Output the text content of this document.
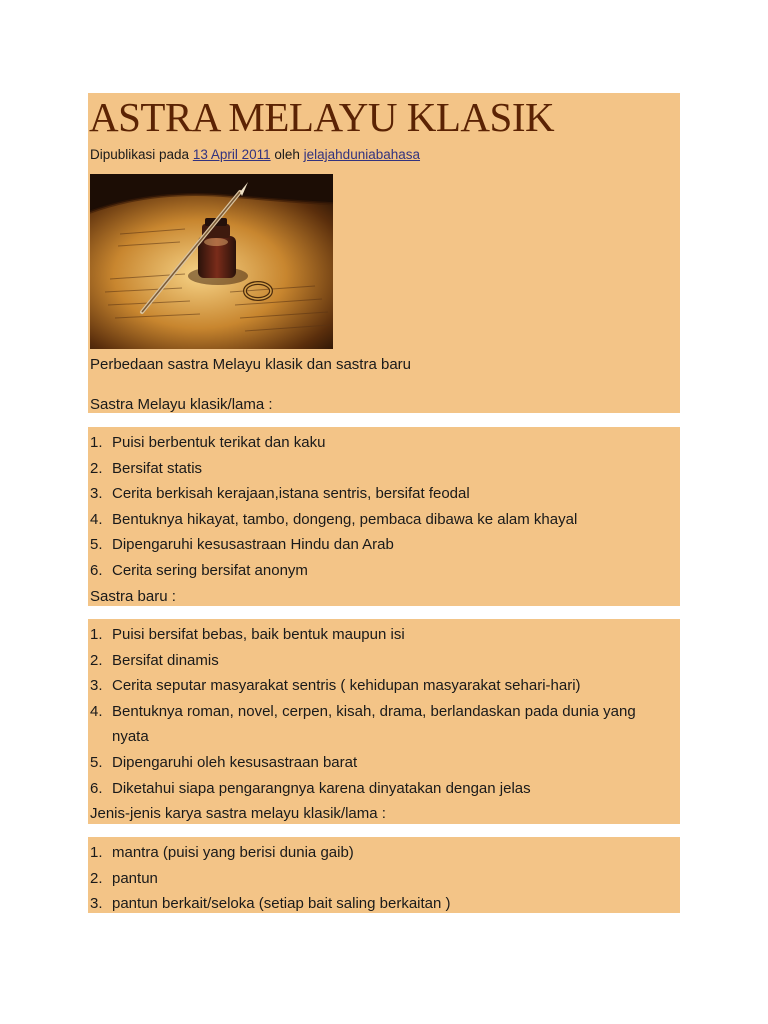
ASTRA MELAYU KLASIK
Dipublikasi pada 13 April 2011 oleh jelajahduniabahasa
Perbedaan sastra Melayu klasik dan sastra baru
Sastra Melayu klasik/lama :
1. Puisi berbentuk terikat dan kaku
2. Bersifat statis
3. Cerita berkisah kerajaan,istana sentris, bersifat feodal
4. Bentuknya hikayat, tambo, dongeng, pembaca dibawa ke alam khayal
5. Dipengaruhi kesusastraan Hindu dan Arab
6. Cerita sering bersifat anonym
Sastra baru :
1. Puisi bersifat bebas, baik bentuk maupun isi
2. Bersifat dinamis
3. Cerita seputar masyarakat sentris ( kehidupan masyarakat sehari-hari)
4. Bentuknya roman, novel, cerpen, kisah, drama, berlandaskan pada dunia yang nyata
5. Dipengaruhi oleh kesusastraan barat
6. Diketahui siapa pengarangnya karena dinyatakan dengan jelas
Jenis-jenis karya sastra melayu klasik/lama :
1. mantra (puisi yang berisi dunia gaib)
2. pantun
3. pantun berkait/seloka (setiap bait saling berkaitan )
